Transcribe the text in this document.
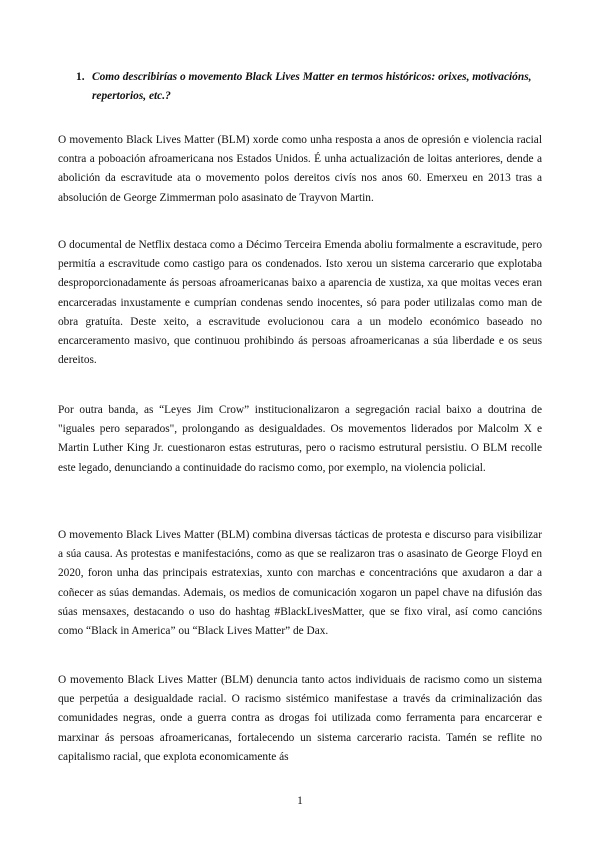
1. Como describirías o movemento Black Lives Matter en termos históricos: orixes, motivacións, repertorios, etc.?

O movemento Black Lives Matter (BLM) xorde como unha resposta a anos de opresión e violencia racial contra a poboación afroamericana nos Estados Unidos. É unha actualización de loitas anteriores, dende a abolición da escravitude ata o movemento polos dereitos civís nos anos 60. Emerxeu en 2013 tras a absolución de George Zimmerman polo asasinato de Trayvon Martin.

O documental de Netflix destaca como a Décimo Terceira Emenda aboliu formalmente a escravitude, pero permitía a escravitude como castigo para os condenados. Isto xerou un sistema carcerario que explotaba desproporcionadamente ás persoas afroamericanas baixo a aparencia de xustiza, xa que moitas veces eran encarceradas inxustamente e cumprían condenas sendo inocentes, só para poder utilizalas como man de obra gratuíta. Deste xeito, a escravitude evolucionou cara a un modelo económico baseado no encarceramento masivo, que continuou prohibindo ás persoas afroamericanas a súa liberdade e os seus dereitos.

Por outra banda, as “Leyes Jim Crow” institucionalizaron a segregación racial baixo a doutrina de "iguales pero separados", prolongando as desigualdades. Os movementos liderados por Malcolm X e Martin Luther King Jr. cuestionaron estas estruturas, pero o racismo estrutural persistiu. O BLM recolle este legado, denunciando a continuidade do racismo como, por exemplo, na violencia policial.

O movemento Black Lives Matter (BLM) combina diversas tácticas de protesta e discurso para visibilizar a súa causa. As protestas e manifestacións, como as que se realizaron tras o asasinato de George Floyd en 2020, foron unha das principais estratexias, xunto con marchas e concentracións que axudaron a dar a coñecer as súas demandas. Ademais, os medios de comunicación xogaron un papel chave na difusión das súas mensaxes, destacando o uso do hashtag #BlackLivesMatter, que se fixo viral, así como cancións como “Black in America” ou “Black Lives Matter” de Dax.

O movemento Black Lives Matter (BLM) denuncia tanto actos individuais de racismo como un sistema que perpetúa a desigualdade racial. O racismo sistémico manifestase a través da criminalización das comunidades negras, onde a guerra contra as drogas foi utilizada como ferramenta para encarcerar e marxinar ás persoas afroamericanas, fortalecendo un sistema carcerario racista. Tamén se reflite no capitalismo racial, que explota economicamente ás

1
